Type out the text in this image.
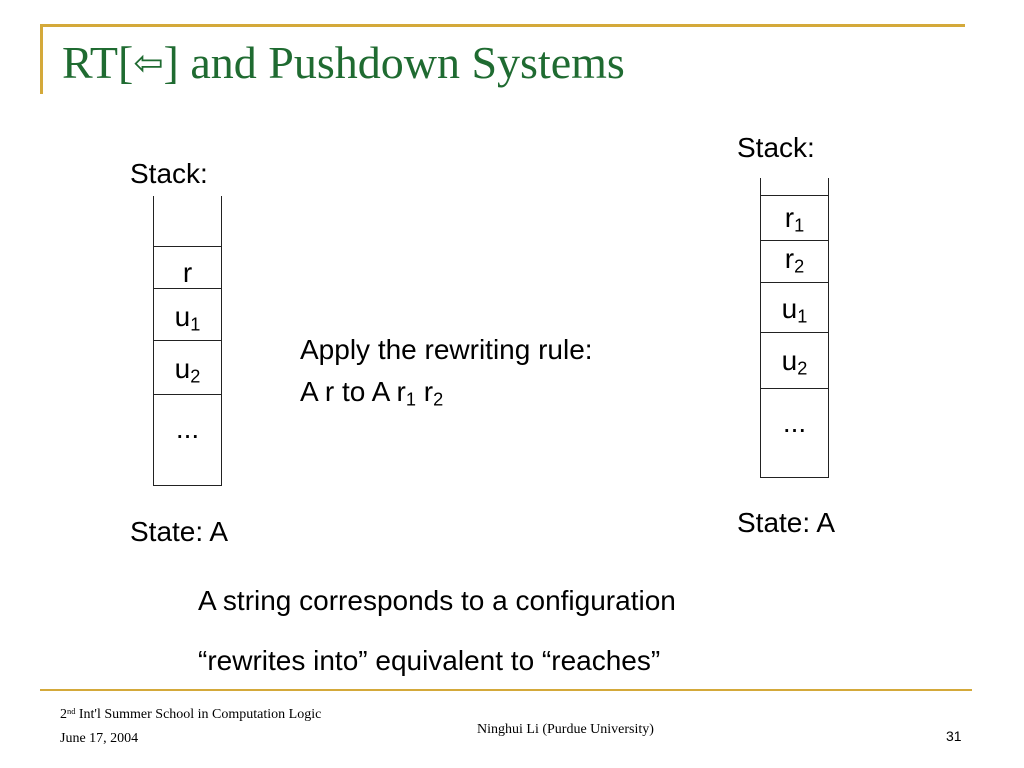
RT[⇦] and Pushdown Systems
Stack:
r
$u_1$
$u_2$
...
State: A
Apply the rewriting rule:
A r to A $r_1$ $r_2$
Stack:
$r_1$
$r_2$
$u_1$
$u_2$
...
State: A
A string corresponds to a configuration
“rewrites into” equivalent to “reaches”
2nd Int'l Summer School in Computation Logic
June 17, 2004
Ninghui Li (Purdue University)	31
